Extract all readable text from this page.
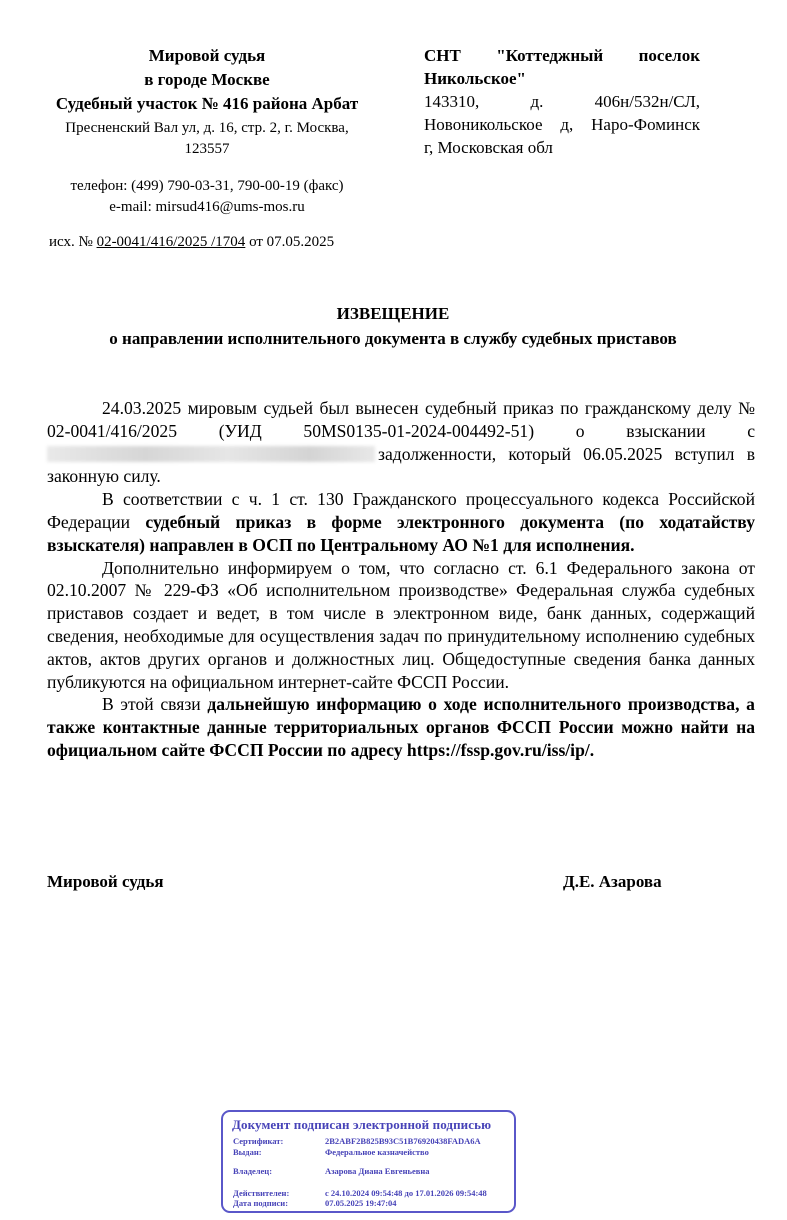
Мировой судья
в городе Москве
Судебный участок № 416 района Арбат
Пресненский Вал ул, д. 16, стр. 2, г. Москва,
123557
телефон: (499) 790-03-31, 790-00-19 (факс)
e-mail: mirsud416@ums-mos.ru
исх. № 02-0041/416/2025 /1704 от 07.05.2025
СНТ "Коттеджный поселок
Никольское"
143310, д. 406н/532н/СЛ,
Новоникольское д, Наро-Фоминск
г, Московская обл
ИЗВЕЩЕНИЕ
о направлении исполнительного документа в службу судебных приставов

24.03.2025 мировым судьей был вынесен судебный приказ по гражданскому делу № 02-0041/416/2025 (УИД 50MS0135-01-2024-004492-51) о взыскании с

задолженности, который 06.05.2025 вступил в законную силу.

В соответствии с ч. 1 ст. 130 Гражданского процессуального кодекса Российской Федерации судебный приказ в форме электронного документа (по ходатайству взыскателя) направлен в ОСП по Центральному АО №1 для исполнения.

Дополнительно информируем о том, что согласно ст. 6.1 Федерального закона от 02.10.2007 № 229-ФЗ «Об исполнительном производстве» Федеральная служба судебных приставов создает и ведет, в том числе в электронном виде, банк данных, содержащий сведения, необходимые для осуществления задач по принудительному исполнению судебных актов, актов других органов и должностных лиц. Общедоступные сведения банка данных публикуются на официальном интернет-сайте ФССП России.

В этой связи дальнейшую информацию о ходе исполнительного производства, а также контактные данные территориальных органов ФССП России можно найти на официальном сайте ФССП России по адресу https://fssp.gov.ru/iss/ip/.

Мировой судья	Д.Е. Азарова
Документ подписан электронной подписью
Сертификат:	2B2ABF2B825B93C51B76920438FADA6A
Выдан:	Федеральное казначейство
Владелец:	Азарова Диана Евгеньевна
Действителен:	с 24.10.2024 09:54:48 до 17.01.2026 09:54:48
Дата подписи:	07.05.2025 19:47:04
